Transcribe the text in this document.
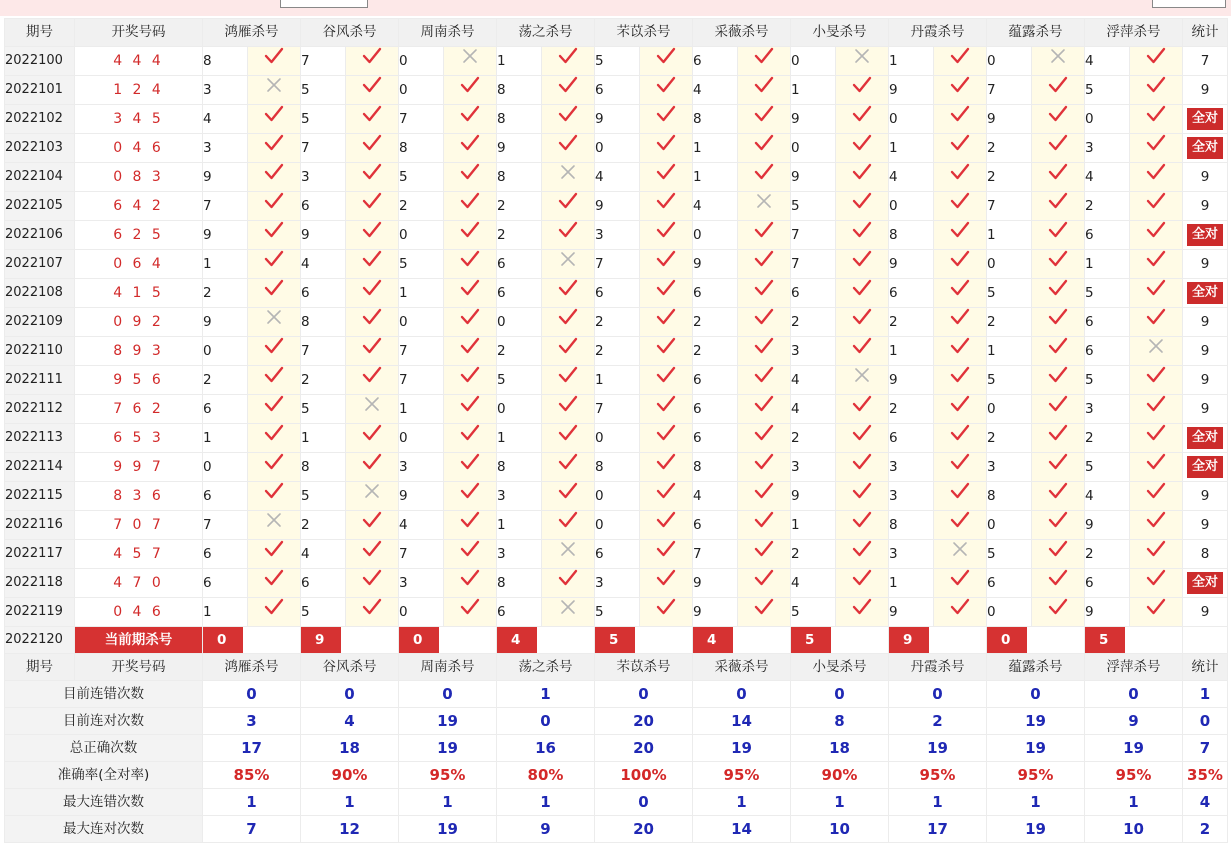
期号	开奖号码	鸿雁杀号		谷风杀号		周南杀号		荡之杀号		芣苡杀号		采薇杀号		小旻杀号		丹霞杀号		蕴露杀号		浮萍杀号		统计
2022100	4 4 4	8		7		0		1		5		6		0		1		0		4		7
2022101	1 2 4	3		5		0		8		6		4		1		9		7		5		9
2022102	3 4 5	4		5		7		8		9		8		9		0		9		0		全对
2022103	0 4 6	3		7		8		9		0		1		0		1		2		3		全对
2022104	0 8 3	9		3		5		8		4		1		9		4		2		4		9
2022105	6 4 2	7		6		2		2		9		4		5		0		7		2		9
2022106	6 2 5	9		9		0		2		3		0		7		8		1		6		全对
2022107	0 6 4	1		4		5		6		7		9		7		9		0		1		9
2022108	4 1 5	2		6		1		6		6		6		6		6		5		5		全对
2022109	0 9 2	9		8		0		0		2		2		2		2		2		6		9
2022110	8 9 3	0		7		7		2		2		2		3		1		1		6		9
2022111	9 5 6	2		2		7		5		1		6		4		9		5		5		9
2022112	7 6 2	6		5		1		0		7		6		4		2		0		3		9
2022113	6 5 3	1		1		0		1		0		6		2		6		2		2		全对
2022114	9 9 7	0		8		3		8		8		8		3		3		3		5		全对
2022115	8 3 6	6		5		9		3		0		4		9		3		8		4		9
2022116	7 0 7	7		2		4		1		0		6		1		8		0		9		9
2022117	4 5 7	6		4		7		3		6		7		2		3		5		2		8
2022118	4 7 0	6		6		3		8		3		9		4		1		6		6		全对
2022119	0 4 6	1		5		0		6		5		9		5		9		0		9		9
2022120	当前期杀号	0		9		0		4		5		4		5		9		0		5		

期号	开奖号码	鸿雁杀号		谷风杀号		周南杀号		荡之杀号		芣苡杀号		采薇杀号		小旻杀号		丹霞杀号		蕴露杀号		浮萍杀号		统计
目前连错次数		0		0		0		1		0		0		0		0		0		0		1
目前连对次数		3		4		19		0		20		14		8		2		19		9		0
总正确次数		17		18		19		16		20		19		18		19		19		19		7
准确率(全对率)		85%		90%		95%		80%		100%		95%		90%		95%		95%		95%		35%
最大连错次数		1		1		1		1		0		1		1		1		1		1		4
最大连对次数		7		12		19		9		20		14		10		17		19		10		2
